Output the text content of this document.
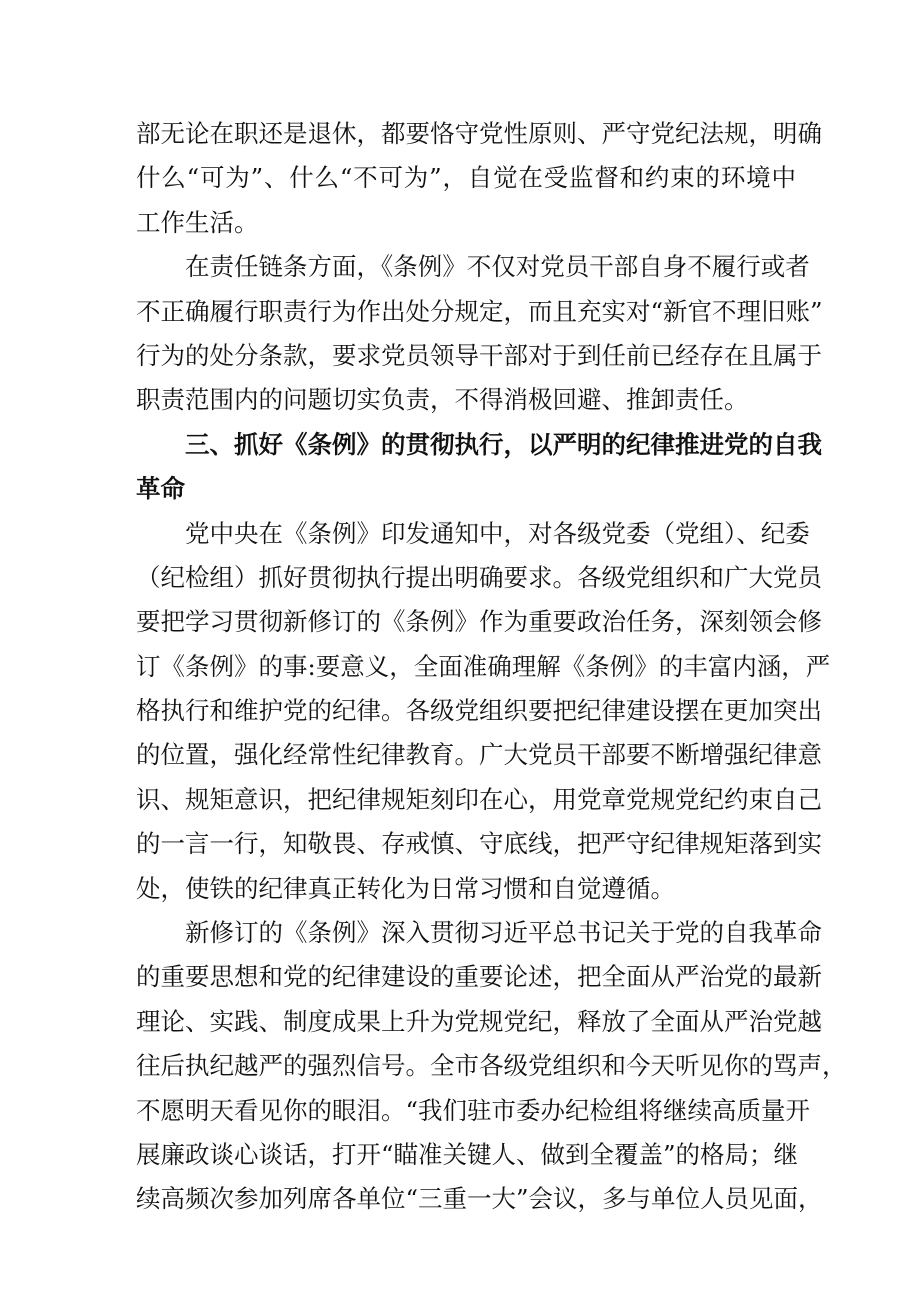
部无论在职还是退休，都要恪守党性原则、严守党纪法规，明确
什么“可为”、什么“不可为”，自觉在受监督和约束的环境中
工作生活。
在责任链条方面，《条例》不仅对党员干部自身不履行或者
不正确履行职责行为作出处分规定，而且充实对“新官不理旧账”
行为的处分条款，要求党员领导干部对于到任前已经存在且属于
职责范围内的问题切实负责，不得消极回避、推卸责任。
三、抓好《条例》的贯彻执行，以严明的纪律推进党的自我
革命
党中央在《条例》印发通知中，对各级党委（党组）、纪委
（纪检组）抓好贯彻执行提出明确要求。各级党组织和广大党员
要把学习贯彻新修订的《条例》作为重要政治任务，深刻领会修
订《条例》的事:要意义，全面准确理解《条例》的丰富内涵，严
格执行和维护党的纪律。各级党组织要把纪律建设摆在更加突出
的位置，强化经常性纪律教育。广大党员干部要不断增强纪律意
识、规矩意识，把纪律规矩刻印在心，用党章党规党纪约束自己
的一言一行，知敬畏、存戒慎、守底线，把严守纪律规矩落到实
处，使铁的纪律真正转化为日常习惯和自觉遵循。
新修订的《条例》深入贯彻习近平总书记关于党的自我革命
的重要思想和党的纪律建设的重要论述，把全面从严治党的最新
理论、实践、制度成果上升为党规党纪，释放了全面从严治党越
往后执纪越严的强烈信号。全市各级党组织和今天听见你的骂声，
不愿明天看见你的眼泪。“我们驻市委办纪检组将继续高质量开
展廉政谈心谈话，打开“瞄准关键人、做到全覆盖”的格局；继
续高频次参加列席各单位“三重一大”会议，多与单位人员见面，
